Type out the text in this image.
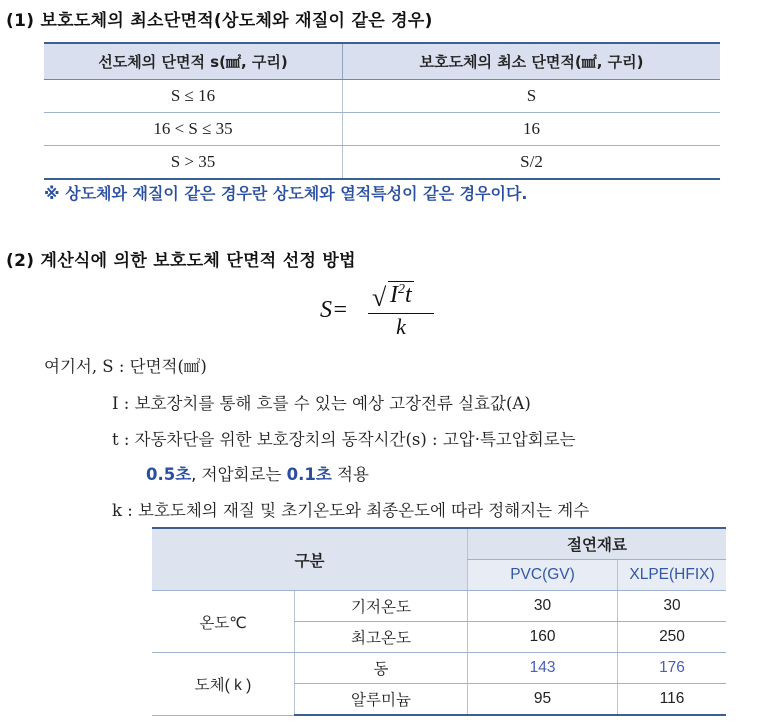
(1) 보호도체의 최소단면적(상도체와 재질이 같은 경우)
선도체의 단면적 s(㎟, 구리)	보호도체의 최소 단면적(㎟, 구리)
S ≤ 16	S
16 < S ≤ 35	16
S > 35	S/2
※ 상도체와 재질이 같은 경우란 상도체와 열적특성이 같은 경우이다.
(2) 계산식에 의한 보호도체 단면적 선정 방법
S= √ $I^2t$
k
여기서, S : 단면적(㎟)
I : 보호장치를 통해 흐를 수 있는 예상 고장전류 실효값(A)
t : 자동차단을 위한 보호장치의 동작시간(s) : 고압·특고압회로는
0.5초, 저압회로는 0.1초 적용
k : 보호도체의 재질 및 초기온도와 최종온도에 따라 정해지는 계수
구분		절연재료	
		PVC(GV)	XLPE(HFIX)
온도℃	기저온도	30	30
	최고온도	160	250
도체( k )	동	143	176
	알루미늄	95	116
